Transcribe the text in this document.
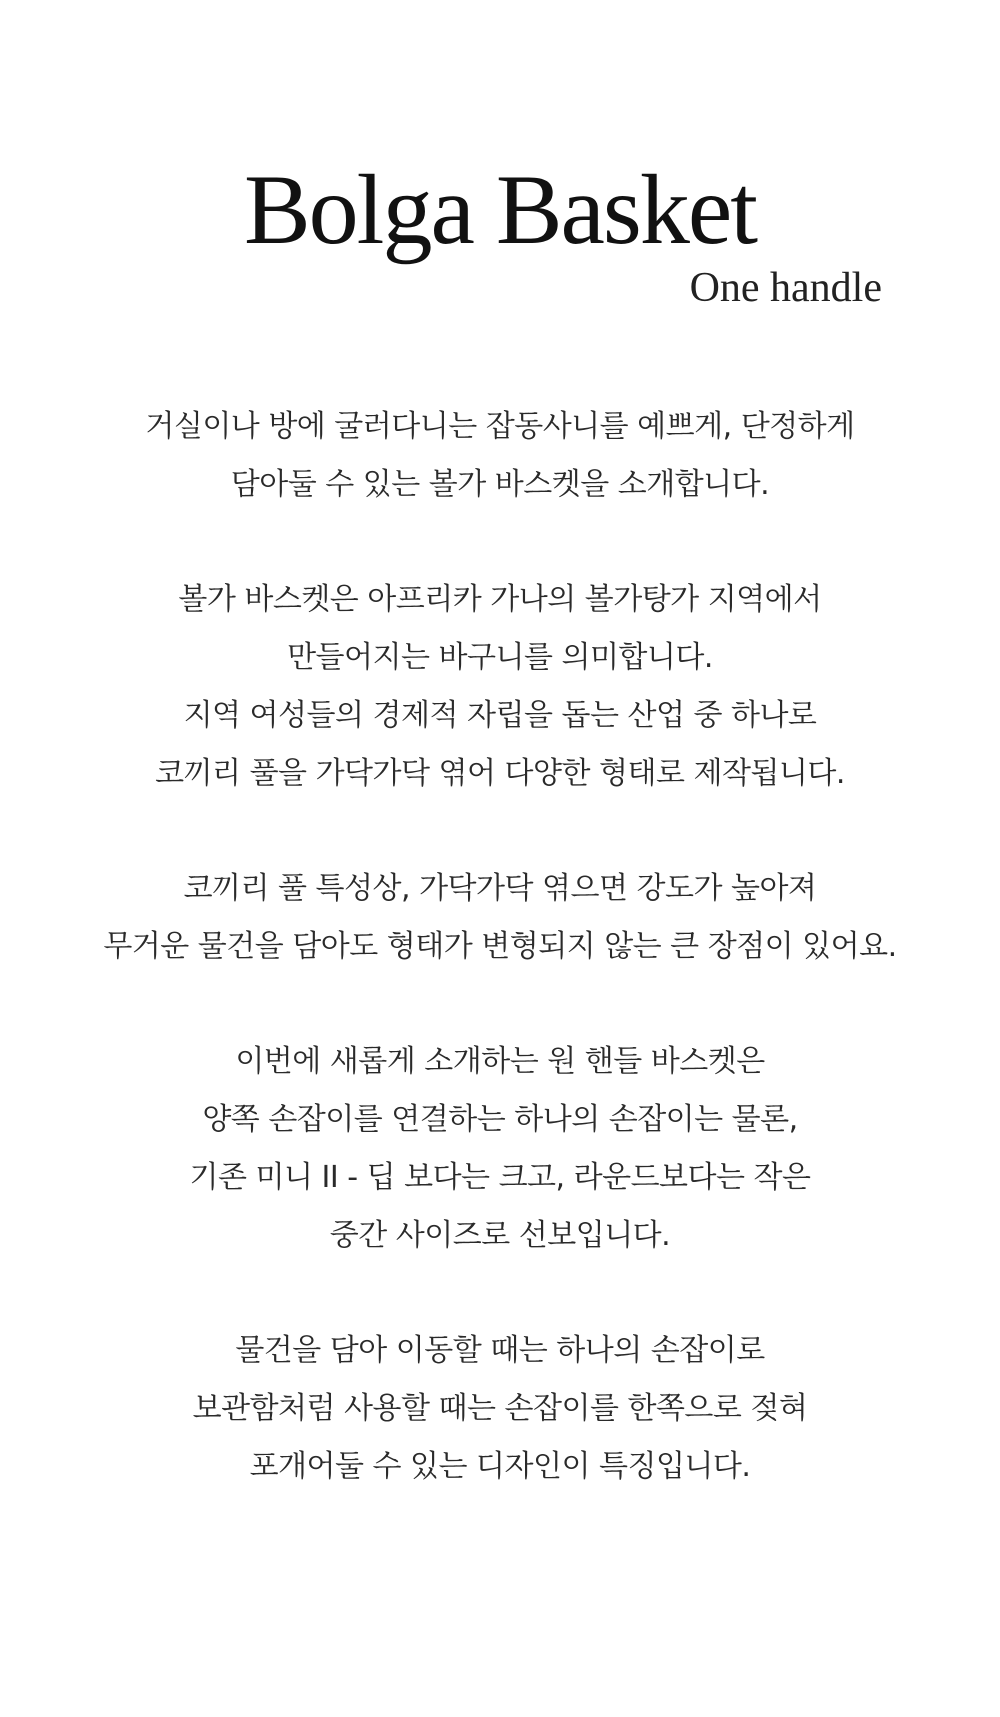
Bolga Basket
One handle

거실이나 방에 굴러다니는 잡동사니를 예쁘게, 단정하게
담아둘 수 있는 볼가 바스켓을 소개합니다.

볼가 바스켓은 아프리카 가나의 볼가탕가 지역에서
만들어지는 바구니를 의미합니다.
지역 여성들의 경제적 자립을 돕는 산업 중 하나로
코끼리 풀을 가닥가닥 엮어 다양한 형태로 제작됩니다.

코끼리 풀 특성상, 가닥가닥 엮으면 강도가 높아져
무거운 물건을 담아도 형태가 변형되지 않는 큰 장점이 있어요.

이번에 새롭게 소개하는 원 핸들 바스켓은
양쪽 손잡이를 연결하는 하나의 손잡이는 물론,
기존 미니 II - 딥 보다는 크고, 라운드보다는 작은
중간 사이즈로 선보입니다.

물건을 담아 이동할 때는 하나의 손잡이로
보관함처럼 사용할 때는 손잡이를 한쪽으로 젖혀
포개어둘 수 있는 디자인이 특징입니다.
